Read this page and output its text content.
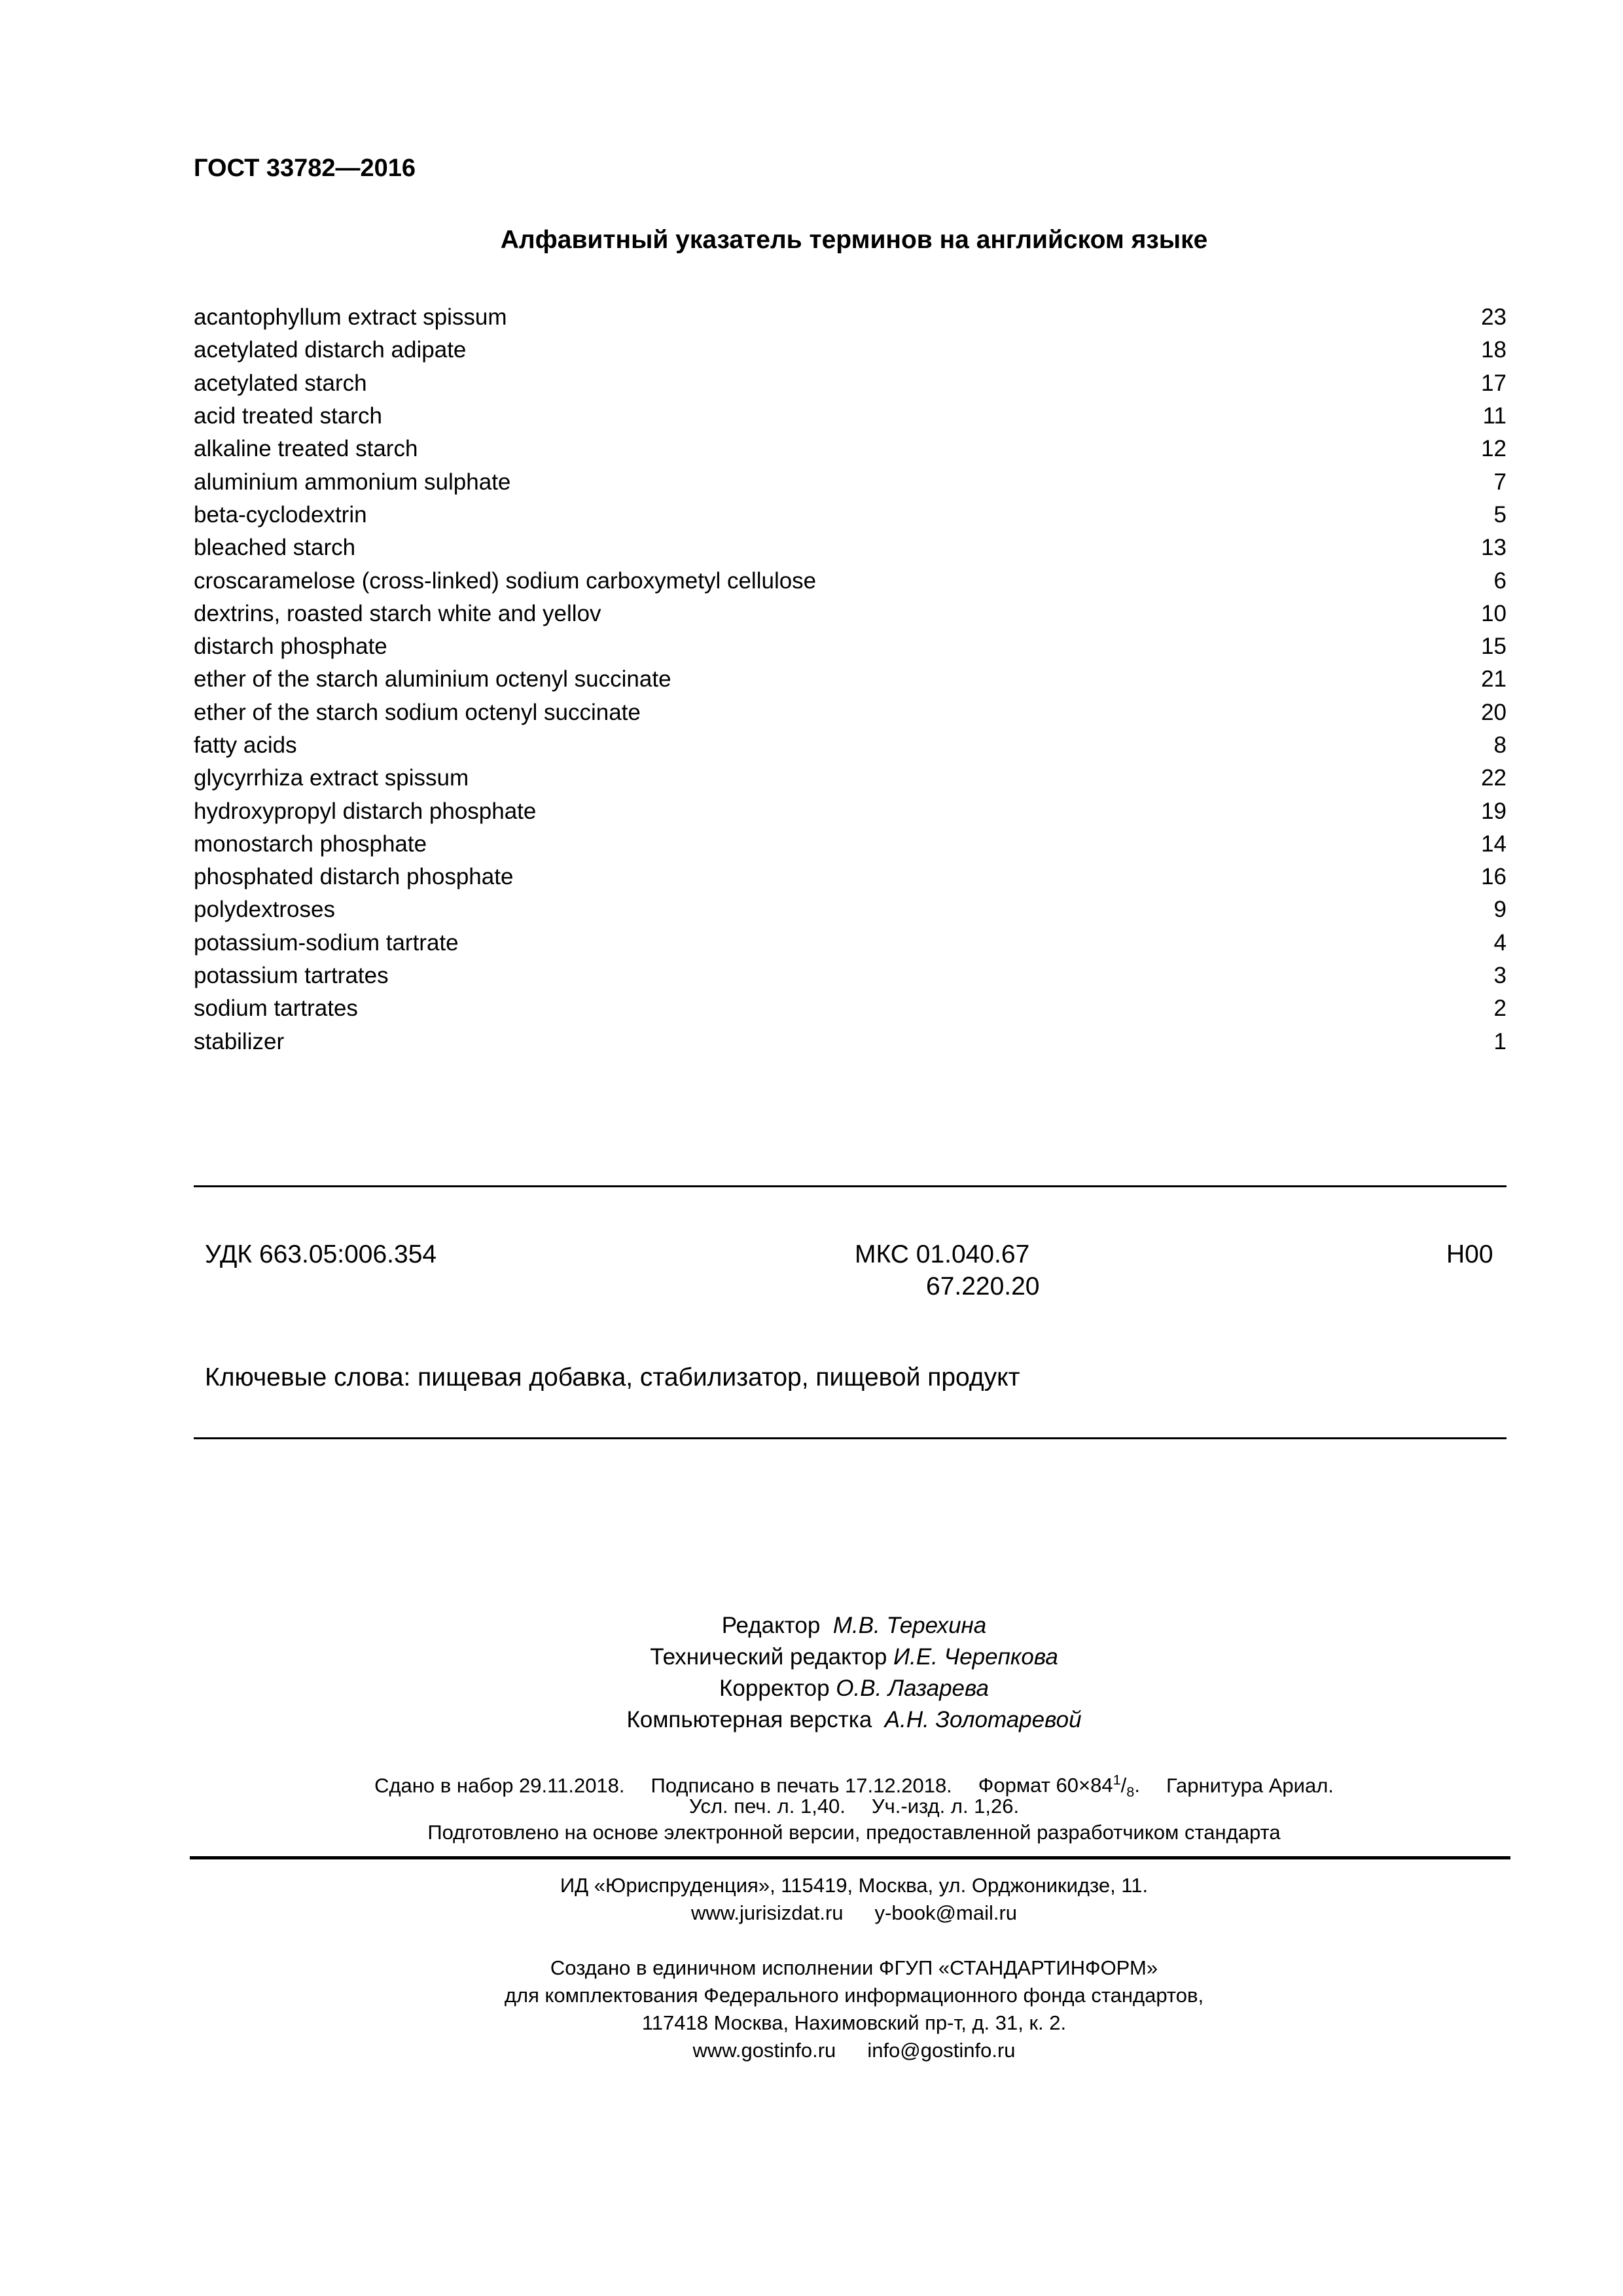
ГОСТ 33782—2016
Алфавитный указатель терминов на английском языке
acantophyllum extract spissum	23
acetylated distarch adipate	18
acetylated starch	17
acid treated starch	11
alkaline treated starch	12
aluminium ammonium sulphate	7
beta-cyclodextrin	5
bleached starch	13
croscaramelose (cross-linked) sodium carboxymetyl cellulose	6
dextrins, roasted starch white and yellov	10
distarch phosphate	15
ether of the starch aluminium octenyl succinate	21
ether of the starch sodium octenyl succinate	20
fatty acids	8
glycyrrhiza extract spissum	22
hydroxypropyl distarch phosphate	19
monostarch phosphate	14
phosphated distarch phosphate	16
polydextroses	9
potassium-sodium tartrate	4
potassium tartrates	3
sodium tartrates	2
stabilizer	1
УДК 663.05:006.354	МКС 01.040.67
67.220.20
H00
Ключевые слова: пищевая добавка, стабилизатор, пищевой продукт
Редактор М.В. Терехина
Технический редактор И.Е. Черепкова
Корректор О.В. Лазарева
Компьютерная верстка А.Н. Золотаревой
Сдано в набор 29.11.2018. Подписано в печать 17.12.2018. Формат $60\times 84^1/_8$. Гарнитура Ариал.
Усл. печ. л. 1,40. Уч.-изд. л. 1,26.
Подготовлено на основе электронной версии, предоставленной разработчиком стандарта
ИД «Юриспруденция», 115419, Москва, ул. Орджоникидзе, 11.
www.jurisizdat.ru y-book@mail.ru
Создано в единичном исполнении ФГУП «СТАНДАРТИНФОРМ»
для комплектования Федерального информационного фонда стандартов,
117418 Москва, Нахимовский пр-т, д. 31, к. 2.
www.gostinfo.ru info@gostinfo.ru
